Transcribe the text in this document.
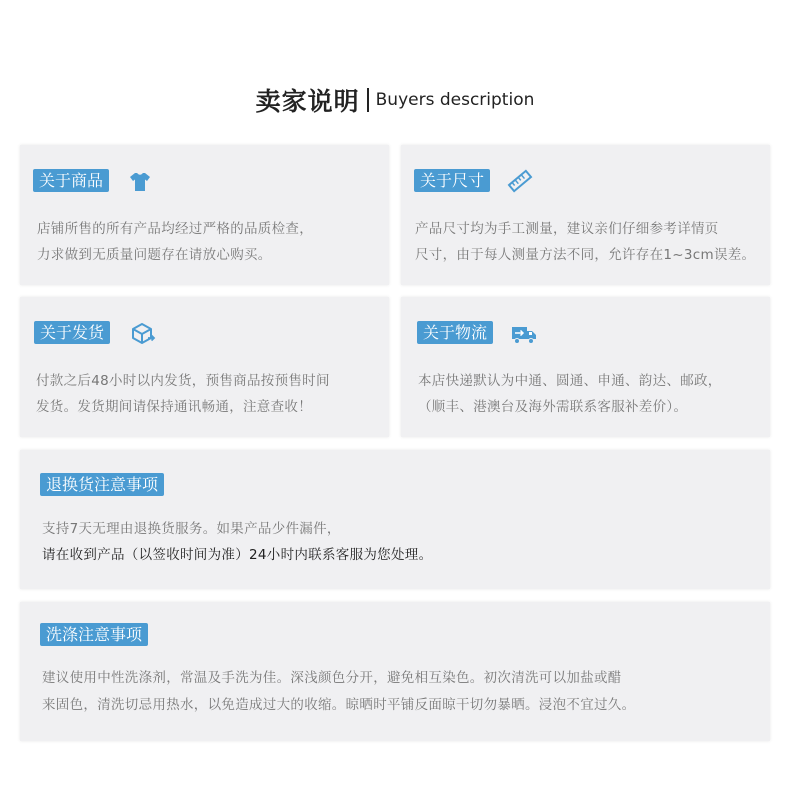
卖家说明 Buyers description
关于商品
店铺所售的所有产品均经过严格的品质检查，
力求做到无质量问题存在请放心购买。
关于尺寸
产品尺寸均为手工测量，建议亲们仔细参考详情页
尺寸，由于每人测量方法不同，允许存在1~3cm误差。
关于发货
付款之后48小时以内发货，预售商品按预售时间
发货。发货期间请保持通讯畅通，注意查收！
关于物流
本店快递默认为中通、圆通、申通、韵达、邮政，
（顺丰、港澳台及海外需联系客服补差价）。
退换货注意事项
支持7天无理由退换货服务。如果产品少件漏件，
请在收到产品（以签收时间为准）24小时内联系客服为您处理。
洗涤注意事项
建议使用中性洗涤剂，常温及手洗为佳。深浅颜色分开，避免相互染色。初次清洗可以加盐或醋
来固色，清洗切忌用热水，以免造成过大的收缩。晾晒时平铺反面晾干切勿暴晒。浸泡不宜过久。
